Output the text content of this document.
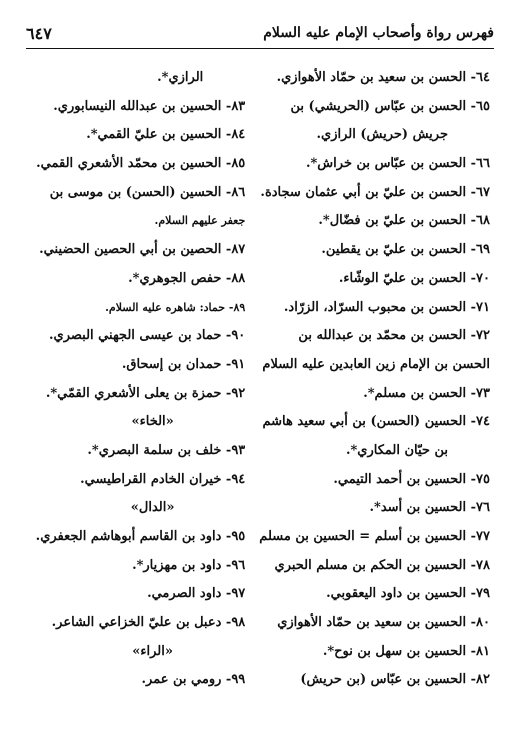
٦٤٧	فهرس رواة وأصحاب الإمام عليه السلام
٦٤- الحسن بن سعيد بن حمّاد الأهوازي.
٦٥- الحسن بن عبّاس (الحريشي) بن
جريش (حريش) الرازي.
٦٦- الحسن بن عبّاس بن خراش*.
٦٧- الحسن بن عليّ بن أبي عثمان سجادة.
٦٨- الحسن بن عليّ بن فضّال*.
٦٩- الحسن بن عليّ بن يقطين.
٧٠- الحسن بن عليّ الوشّاء.
٧١- الحسن بن محبوب السرّاد، الزرّاد.
٧٢- الحسن بن محمّد بن عبدالله بن
الحسن بن الإمام زين العابدين عليه السلام
٧٣- الحسن بن مسلم*.
٧٤- الحسين (الحسن) بن أبي سعيد هاشم
بن حيّان المكاري*.
٧٥- الحسين بن أحمد التيمي.
٧٦- الحسين بن أسد*.
٧٧- الحسين بن أسلم = الحسين بن مسلم
٧٨- الحسين بن الحكم بن مسلم الحبري
٧٩- الحسين بن داود اليعقوبي.
٨٠- الحسين بن سعيد بن حمّاد الأهوازي
٨١- الحسين بن سهل بن نوح*.
٨٢- الحسين بن عبّاس (بن حريش)
الرازي*.
٨٣- الحسين بن عبدالله النيسابوري.
٨٤- الحسين بن عليّ القمي*.
٨٥- الحسين بن محمّد الأشعري القمي.
٨٦- الحسين (الحسن) بن موسى بن
جعفر عليهم السلام.
٨٧- الحصين بن أبي الحصين الحضيني.
٨٨- حفص الجوهري*.
٨٩- حماد: شاهره عليه السلام.
٩٠- حماد بن عيسى الجهني البصري.
٩١- حمدان بن إسحاق.
٩٢- حمزة بن يعلى الأشعري القمّي*.
«الخاء»
٩٣- خلف بن سلمة البصري*.
٩٤- خيران الخادم القراطيسي.
«الدال»
٩٥- داود بن القاسم أبوهاشم الجعفري.
٩٦- داود بن مهزيار*.
٩٧- داود الصرمي.
٩٨- دعبل بن عليّ الخزاعي الشاعر.
«الراء»
٩٩- رومي بن عمر.
